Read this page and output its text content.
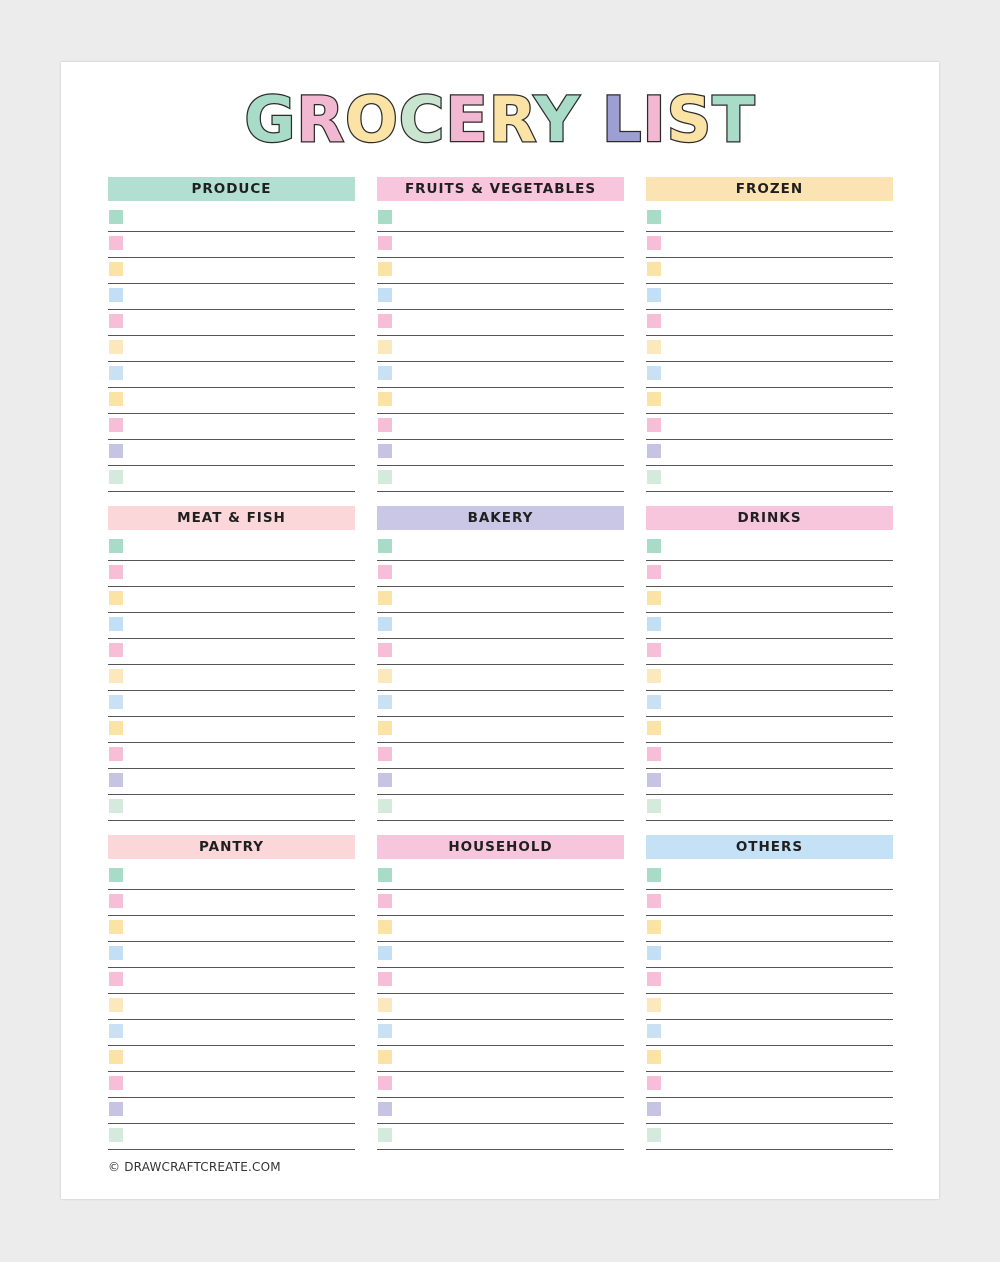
GROCERY LIST
PRODUCE	FRUITS & VEGETABLES	FROZEN
MEAT & FISH	BAKERY	DRINKS
PANTRY	HOUSEHOLD	OTHERS
© DRAWCRAFTCREATE.COM
